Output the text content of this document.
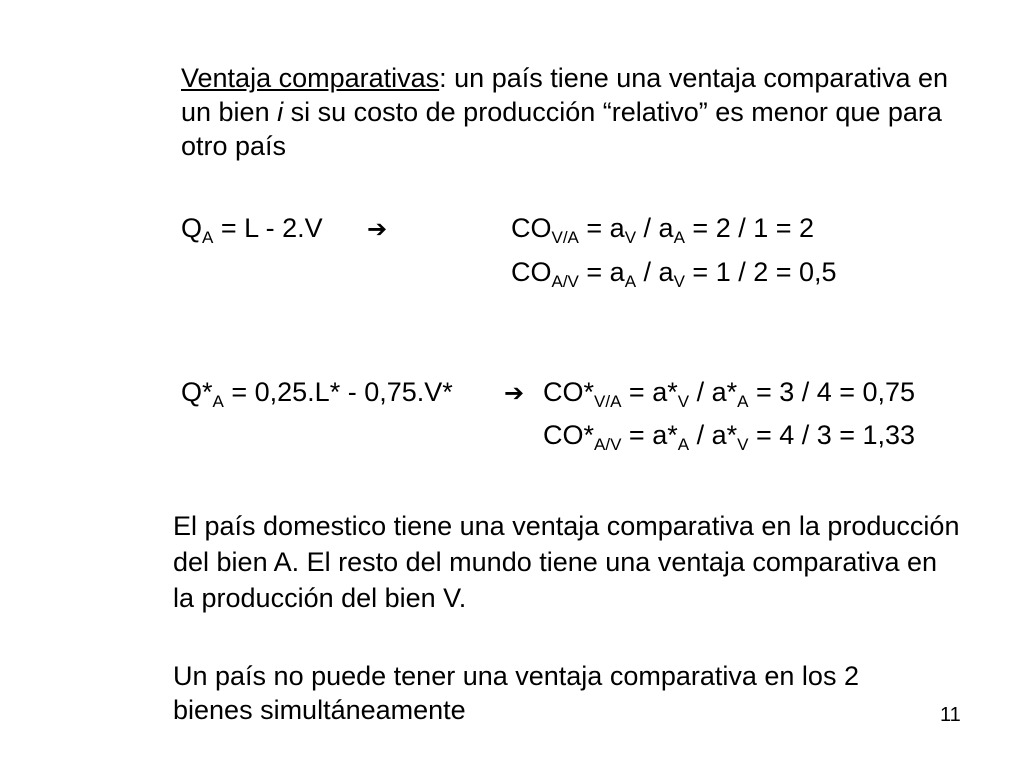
Ventaja comparativas: un país tiene una ventaja comparativa en un bien i si su costo de producción “relativo” es menor que para otro país
$Q_A = L - 2.V$ ➔	$CO_{V/A} = a_V / a_A = 2 / 1 = 2$
$CO_{A/V} = a_A / a_V = 1 / 2 = 0,5$
$Q*_A = 0,25.L* - 0,75.V*$ ➔ $CO*_{V/A} = a*_V / a*_A = 3 / 4 = 0,75$
$CO*_{A/V} = a*_A / a*_V = 4 / 3 = 1,33$
El país domestico tiene una ventaja comparativa en la producción del bien A. El resto del mundo tiene una ventaja comparativa en la producción del bien V.
Un país no puede tener una ventaja comparativa en los 2 bienes simultáneamente	11
